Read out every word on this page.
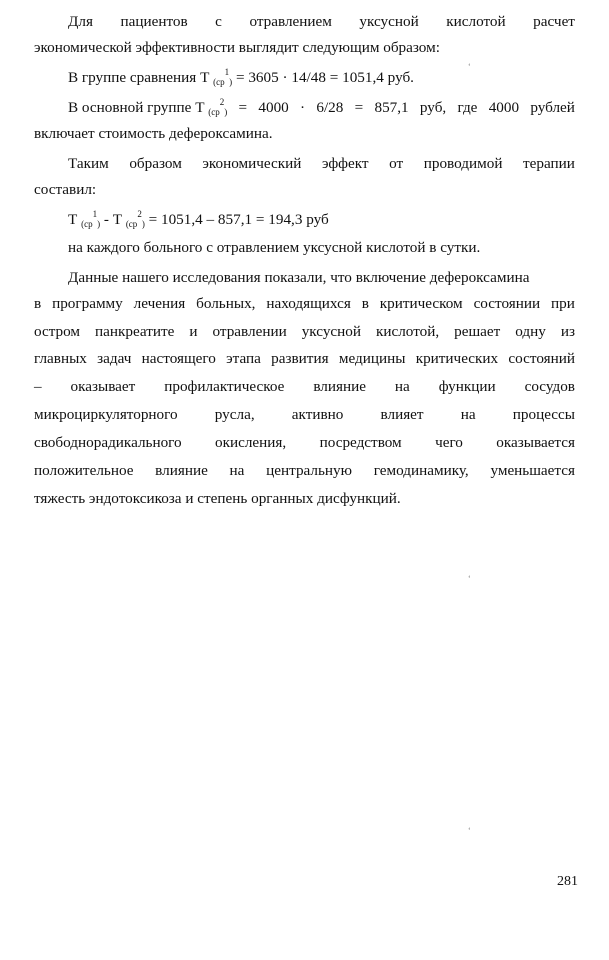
Для пациентов с отравлением уксусной кислотой расчет
экономической эффективности выглядит следующим образом:
В группе сравнения Т $_{(ср}^1_)$ = 3605 · 14/48 = 1051,4 руб.
В основной группе Т $_{(ср}^2_)$ = 4000 · 6/28 = 857,1 руб, где 4000 рублей
включает стоимость дефероксамина.
Таким образом экономический эффект от проводимой терапии
составил:
Т $_{(ср}^1_)$ - Т $_{(ср}^2_)$ = 1051,4 – 857,1 = 194,3 руб
на каждого больного с отравлением уксусной кислотой в сутки.
Данные нашего исследования показали, что включение дефероксамина
в программу лечения больных, находящихся в критическом состоянии при
остром панкреатите и отравлении уксусной кислотой, решает одну из
главных задач настоящего этапа развития медицины критических состояний
– оказывает профилактическое влияние на функции сосудов
микроциркуляторного русла, активно влияет на процессы
свободнорадикального окисления, посредством чего оказывается
положительное влияние на центральную гемодинамику, уменьшается
тяжесть эндотоксикоза и степень органных дисфункций.
‘
‘
‘
281
